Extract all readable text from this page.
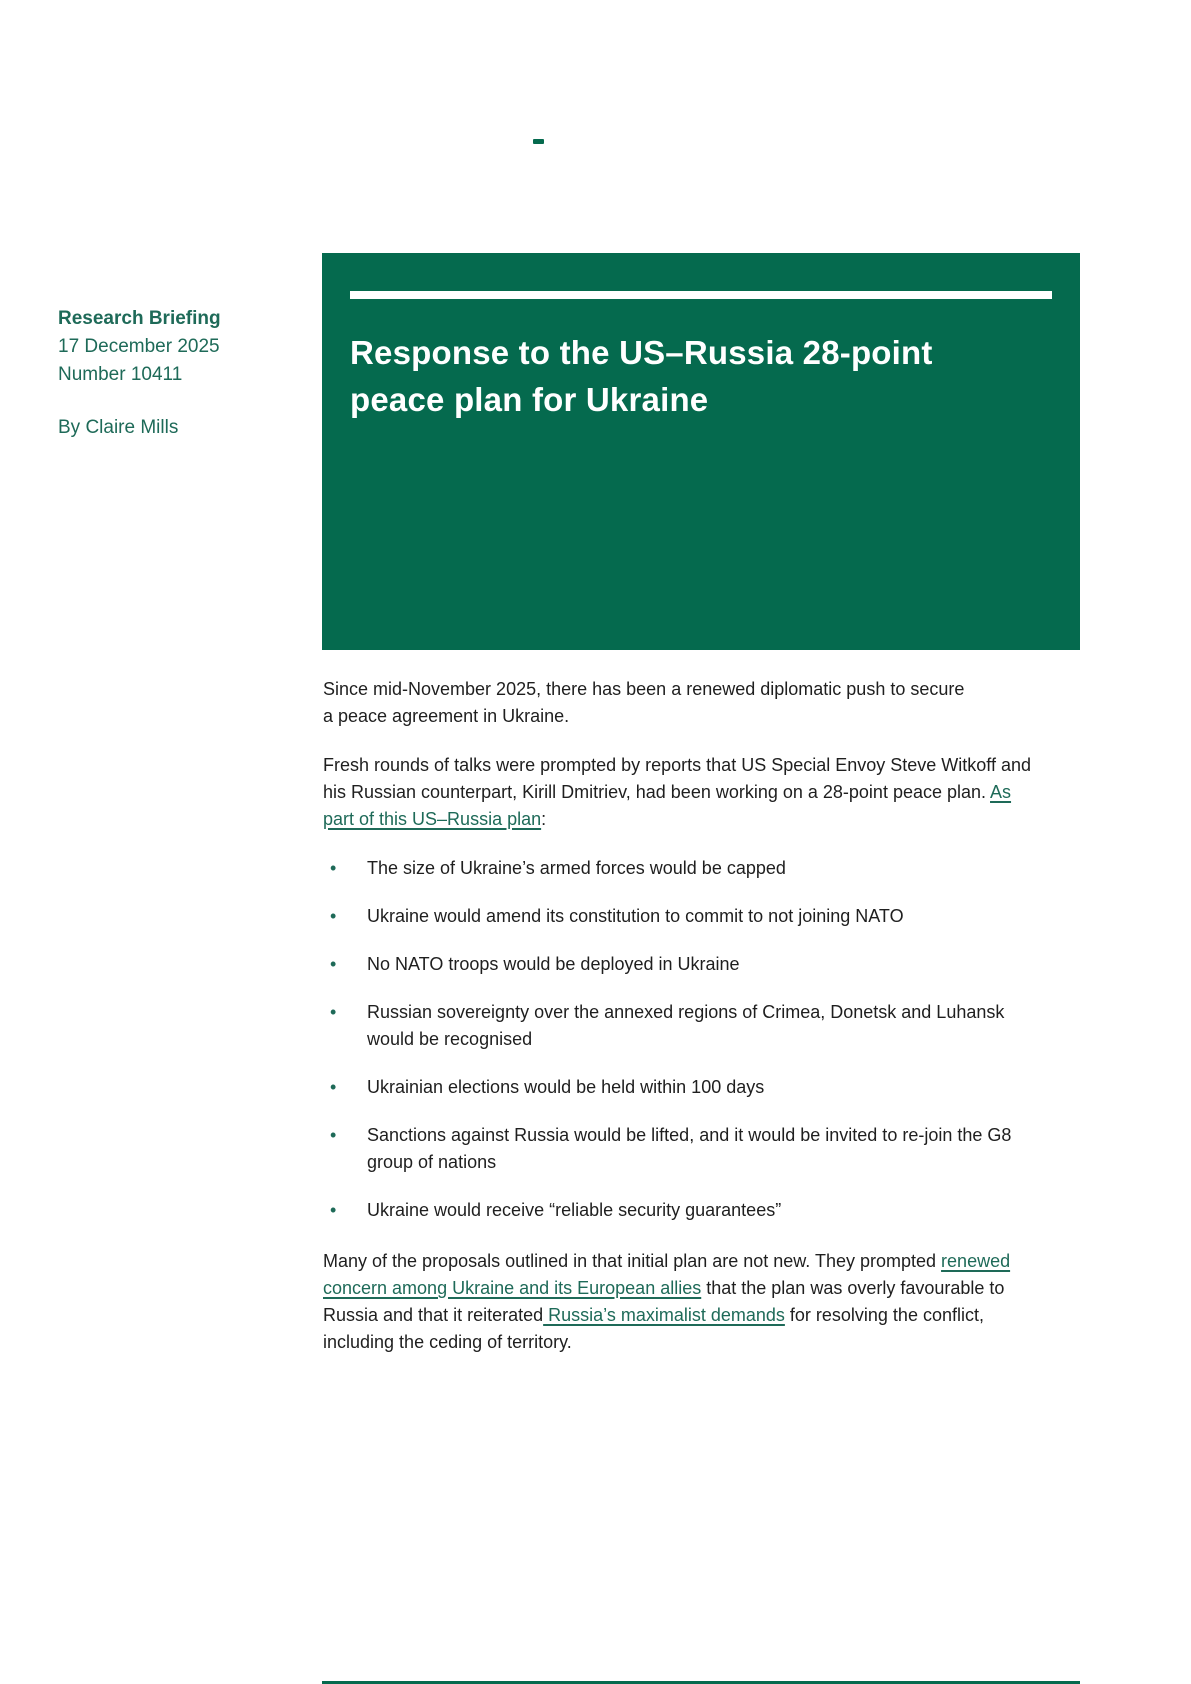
Research Briefing
17 December 2025
Number 10411
By Claire Mills
Response to the US–Russia 28-point
peace plan for Ukraine

Since mid-November 2025, there has been a renewed diplomatic push to secure a peace agreement in Ukraine.

Fresh rounds of talks were prompted by reports that US Special Envoy Steve Witkoff and his Russian counterpart, Kirill Dmitriev, had been working on a 28-point peace plan. As part of this US–Russia plan:

• The size of Ukraine’s armed forces would be capped
• Ukraine would amend its constitution to commit to not joining NATO
• No NATO troops would be deployed in Ukraine
• Russian sovereignty over the annexed regions of Crimea, Donetsk and Luhansk would be recognised
• Ukrainian elections would be held within 100 days
• Sanctions against Russia would be lifted, and it would be invited to re-join the G8 group of nations
• Ukraine would receive “reliable security guarantees”

Many of the proposals outlined in that initial plan are not new. They prompted renewed concern among Ukraine and its European allies that the plan was overly favourable to Russia and that it reiterated Russia’s maximalist demands for resolving the conflict, including the ceding of territory.
